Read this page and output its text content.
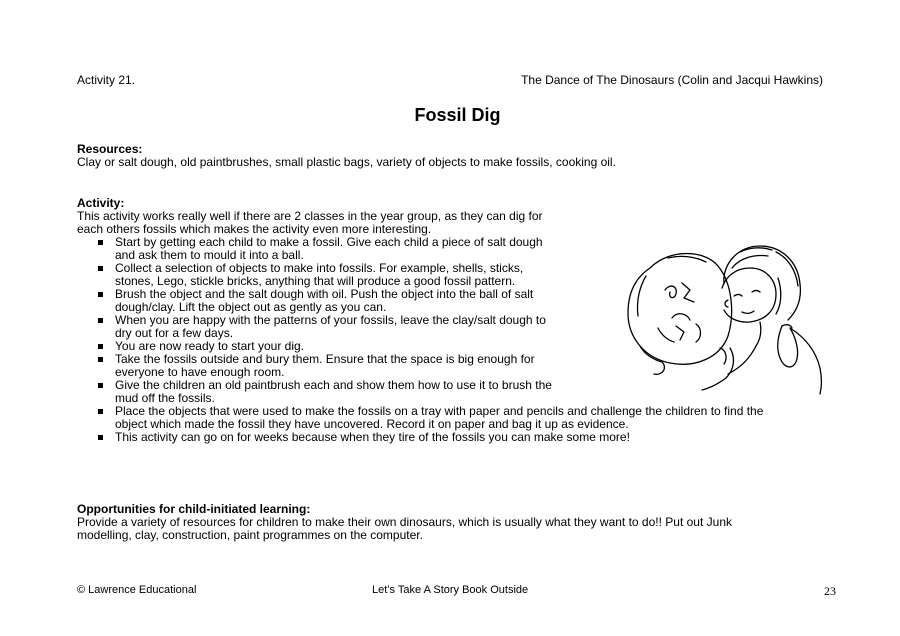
Activity 21.	The Dance of The Dinosaurs (Colin and Jacqui Hawkins)
Fossil Dig
Resources:
Clay or salt dough, old paintbrushes, small plastic bags, variety of objects to make fossils, cooking oil.
Activity:
This activity works really well if there are 2 classes in the year group, as they can dig for
each others fossils which makes the activity even more interesting.
Start by getting each child to make a fossil. Give each child a piece of salt dough
and ask them to mould it into a ball.
Collect a selection of objects to make into fossils. For example, shells, sticks,
stones, Lego, stickle bricks, anything that will produce a good fossil pattern.
Brush the object and the salt dough with oil. Push the object into the ball of salt
dough/clay. Lift the object out as gently as you can.
When you are happy with the patterns of your fossils, leave the clay/salt dough to
dry out for a few days.
You are now ready to start your dig.
Take the fossils outside and bury them. Ensure that the space is big enough for
everyone to have enough room.
Give the children an old paintbrush each and show them how to use it to brush the
mud off the fossils.
Place the objects that were used to make the fossils on a tray with paper and pencils and challenge the children to find the
object which made the fossil they have uncovered. Record it on paper and bag it up as evidence.
This activity can go on for weeks because when they tire of the fossils you can make some more!
Opportunities for child-initiated learning:
Provide a variety of resources for children to make their own dinosaurs, which is usually what they want to do!! Put out Junk
modelling, clay, construction, paint programmes on the computer.
© Lawrence Educational	Let’s Take A Story Book Outside	23
